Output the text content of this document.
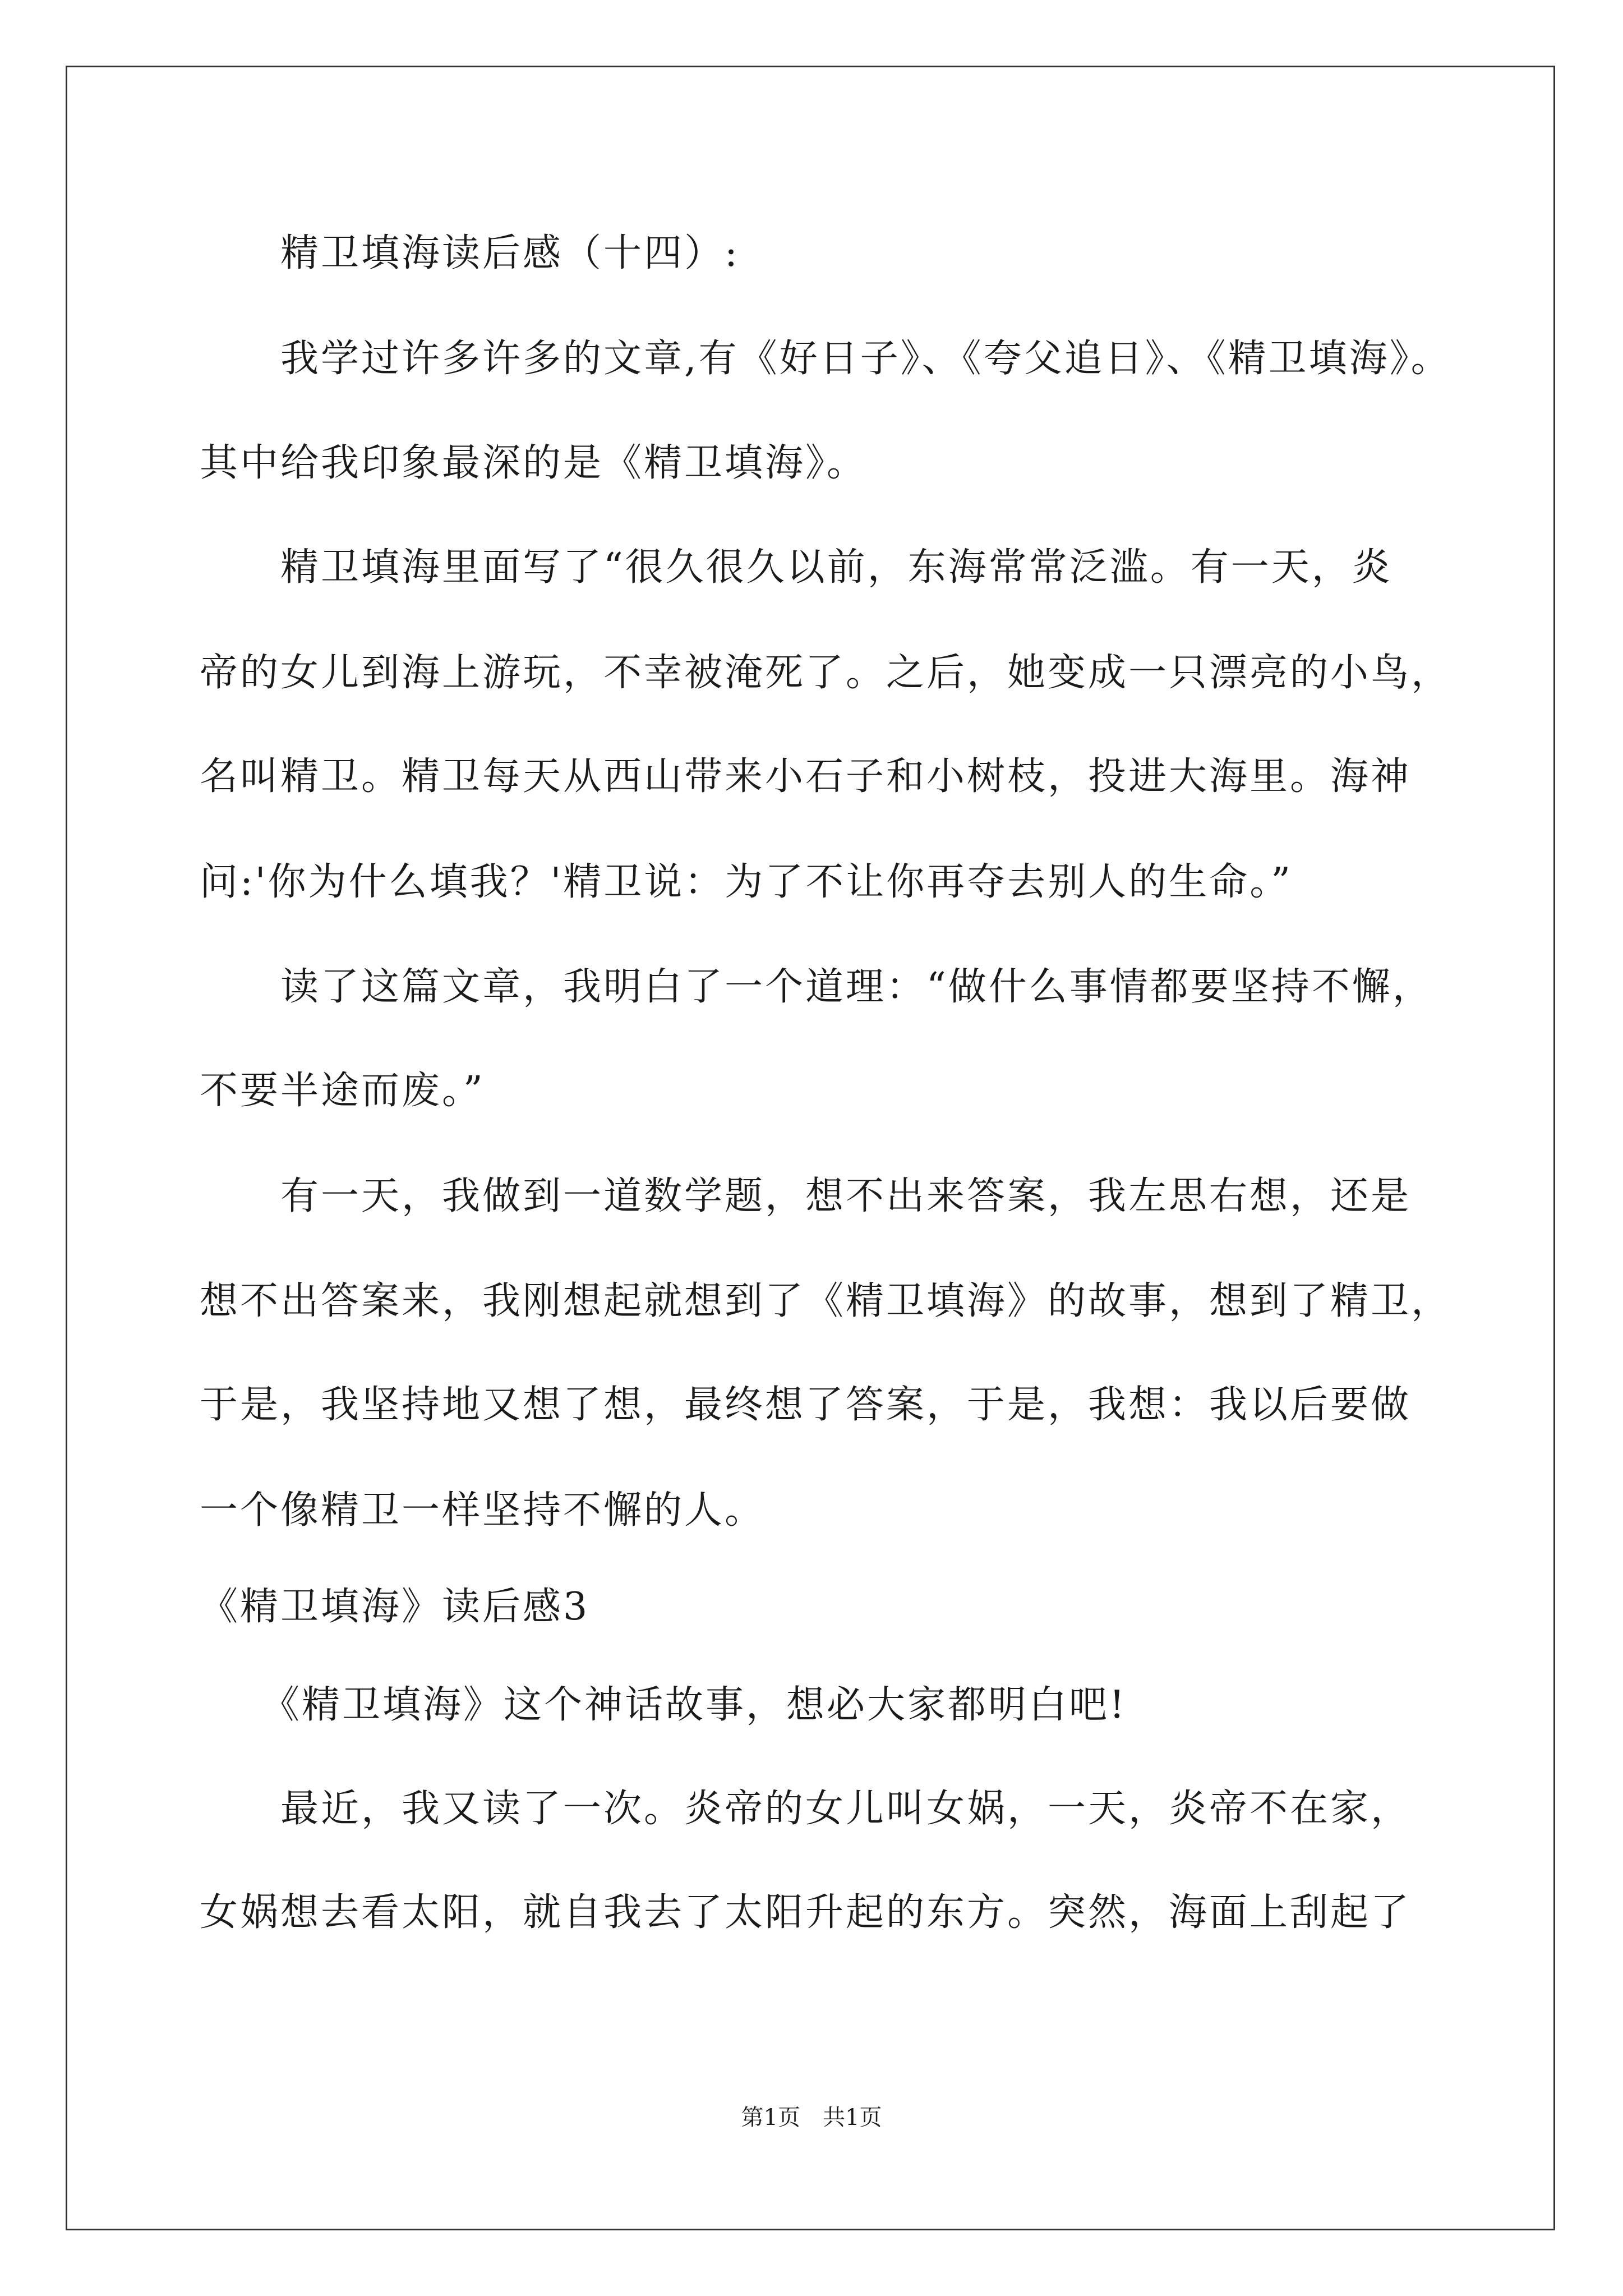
　　精卫填海读后感（十四）:
　　我学过许多许多的文章,有《好日子》、《夸父追日》、《精卫填海》。
其中给我印象最深的是《精卫填海》。
　　精卫填海里面写了“很久很久以前，东海常常泛滥。有一天，炎
帝的女儿到海上游玩，不幸被淹死了。之后，她变成一只漂亮的小鸟，
名叫精卫。精卫每天从西山带来小石子和小树枝，投进大海里。海神
问:'你为什么填我？'精卫说：为了不让你再夺去别人的生命。”
　　读了这篇文章，我明白了一个道理：“做什么事情都要坚持不懈，
不要半途而废。”
　　有一天，我做到一道数学题，想不出来答案，我左思右想，还是
想不出答案来，我刚想起就想到了《精卫填海》的故事，想到了精卫，
于是，我坚持地又想了想，最终想了答案，于是，我想：我以后要做
一个像精卫一样坚持不懈的人。
《精卫填海》读后感3
　　《精卫填海》这个神话故事，想必大家都明白吧!
　　最近，我又读了一次。炎帝的女儿叫女娲，一天，炎帝不在家，
女娲想去看太阳，就自我去了太阳升起的东方。突然，海面上刮起了
第1页　共1页
